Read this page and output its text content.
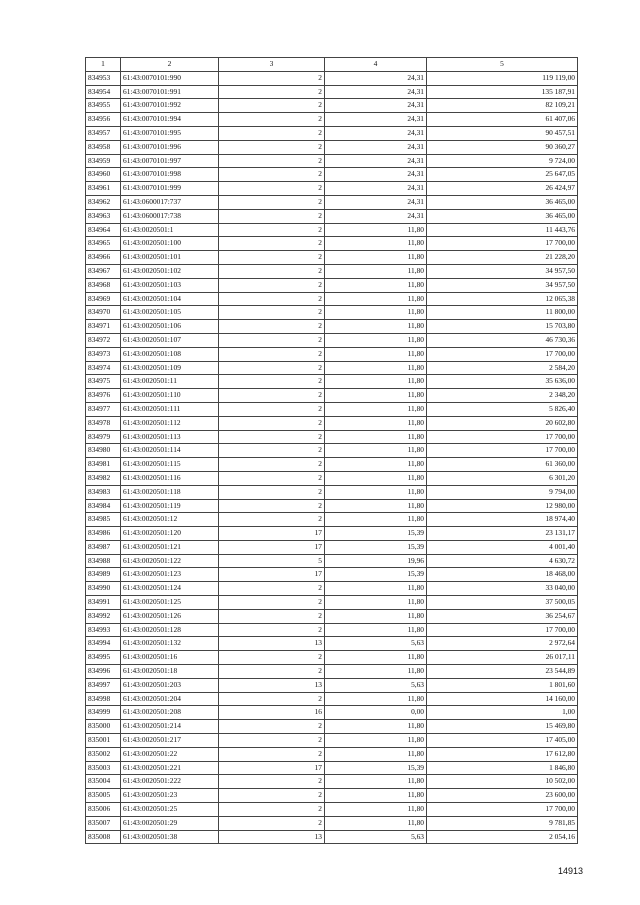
1	2	3	4	5
834953	61:43:0070101:990	2	24,31	119 119,00
834954	61:43:0070101:991	2	24,31	135 187,91
834955	61:43:0070101:992	2	24,31	82 109,21
834956	61:43:0070101:994	2	24,31	61 407,06
834957	61:43:0070101:995	2	24,31	90 457,51
834958	61:43:0070101:996	2	24,31	90 360,27
834959	61:43:0070101:997	2	24,31	9 724,00
834960	61:43:0070101:998	2	24,31	25 647,05
834961	61:43:0070101:999	2	24,31	26 424,97
834962	61:43:0600017:737	2	24,31	36 465,00
834963	61:43:0600017:738	2	24,31	36 465,00
834964	61:43:0020501:1	2	11,80	11 443,76
834965	61:43:0020501:100	2	11,80	17 700,00
834966	61:43:0020501:101	2	11,80	21 228,20
834967	61:43:0020501:102	2	11,80	34 957,50
834968	61:43:0020501:103	2	11,80	34 957,50
834969	61:43:0020501:104	2	11,80	12 065,38
834970	61:43:0020501:105	2	11,80	11 800,00
834971	61:43:0020501:106	2	11,80	15 703,80
834972	61:43:0020501:107	2	11,80	46 730,36
834973	61:43:0020501:108	2	11,80	17 700,00
834974	61:43:0020501:109	2	11,80	2 584,20
834975	61:43:0020501:11	2	11,80	35 636,00
834976	61:43:0020501:110	2	11,80	2 348,20
834977	61:43:0020501:111	2	11,80	5 826,40
834978	61:43:0020501:112	2	11,80	20 602,80
834979	61:43:0020501:113	2	11,80	17 700,00
834980	61:43:0020501:114	2	11,80	17 700,00
834981	61:43:0020501:115	2	11,80	61 360,00
834982	61:43:0020501:116	2	11,80	6 301,20
834983	61:43:0020501:118	2	11,80	9 794,00
834984	61:43:0020501:119	2	11,80	12 980,00
834985	61:43:0020501:12	2	11,80	18 974,40
834986	61:43:0020501:120	17	15,39	23 131,17
834987	61:43:0020501:121	17	15,39	4 001,40
834988	61:43:0020501:122	5	19,96	4 630,72
834989	61:43:0020501:123	17	15,39	18 468,00
834990	61:43:0020501:124	2	11,80	33 040,00
834991	61:43:0020501:125	2	11,80	37 500,05
834992	61:43:0020501:126	2	11,80	36 254,67
834993	61:43:0020501:128	2	11,80	17 700,00
834994	61:43:0020501:132	13	5,63	2 972,64
834995	61:43:0020501:16	2	11,80	26 017,11
834996	61:43:0020501:18	2	11,80	23 544,89
834997	61:43:0020501:203	13	5,63	1 801,60
834998	61:43:0020501:204	2	11,80	14 160,00
834999	61:43:0020501:208	16	0,00	1,00
835000	61:43:0020501:214	2	11,80	15 469,80
835001	61:43:0020501:217	2	11,80	17 405,00
835002	61:43:0020501:22	2	11,80	17 612,80
835003	61:43:0020501:221	17	15,39	1 846,80
835004	61:43:0020501:222	2	11,80	10 502,00
835005	61:43:0020501:23	2	11,80	23 600,00
835006	61:43:0020501:25	2	11,80	17 700,00
835007	61:43:0020501:29	2	11,80	9 781,85
835008	61:43:0020501:38	13	5,63	2 054,16
14913
